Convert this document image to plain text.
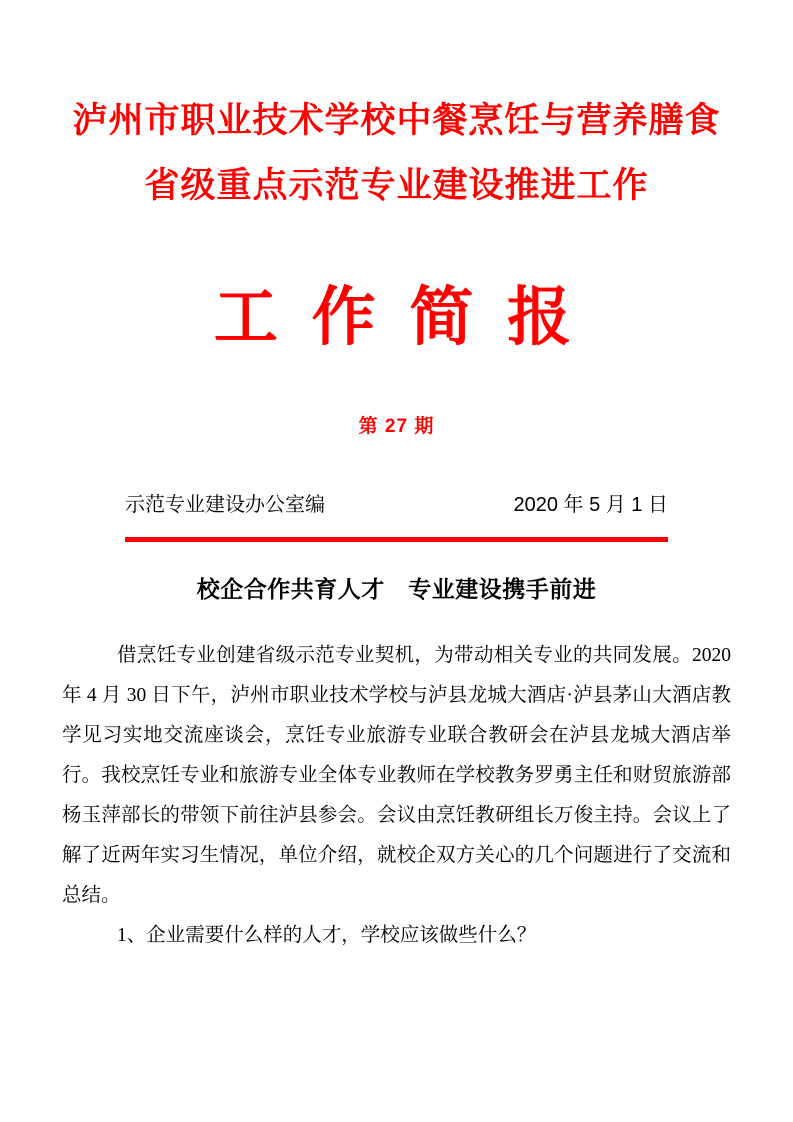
泸州市职业技术学校中餐烹饪与营养膳食
省级重点示范专业建设推进工作
工 作 简 报
第 27 期
示范专业建设办公室编	2020 年 5 月 1 日
校企合作共育人才　专业建设携手前进

借烹饪专业创建省级示范专业契机，为带动相关专业的共同发展。2020 年 4 月 30 日下午，泸州市职业技术学校与泸县龙城大酒店·泸县茅山大酒店教学见习实地交流座谈会，烹饪专业旅游专业联合教研会在泸县龙城大酒店举行。我校烹饪专业和旅游专业全体专业教师在学校教务罗勇主任和财贸旅游部杨玉萍部长的带领下前往泸县参会。会议由烹饪教研组长万俊主持。会议上了解了近两年实习生情况，单位介绍，就校企双方关心的几个问题进行了交流和总结。

1、企业需要什么样的人才，学校应该做些什么？
